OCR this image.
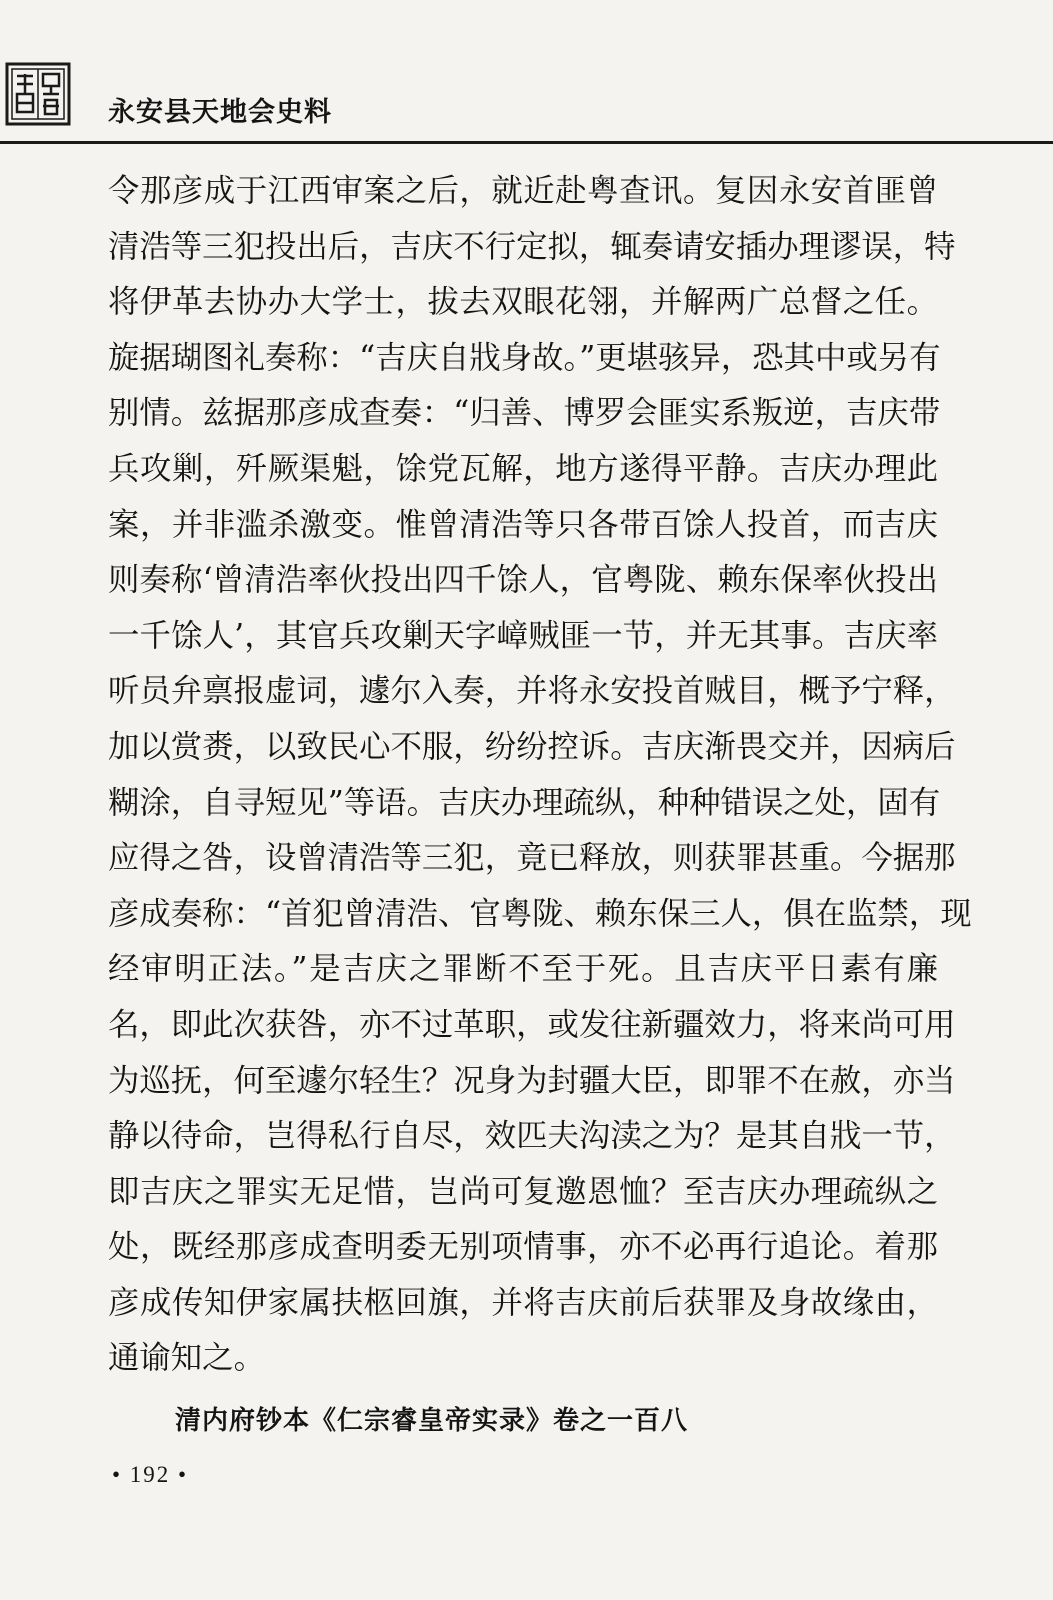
永安县天地会史料
令那彦成于江西审案之后，就近赴粤查讯。复因永安首匪曾
清浩等三犯投出后，吉庆不行定拟，辄奏请安插办理谬误，特
将伊革去协办大学士，拔去双眼花翎，并解两广总督之任。
旋据瑚图礼奏称：“吉庆自戕身故。”更堪骇异，恐其中或另有
别情。兹据那彦成查奏：“归善、博罗会匪实系叛逆，吉庆带
兵攻剿，歼厥渠魁，馀党瓦解，地方遂得平静。吉庆办理此
案，并非滥杀激变。惟曾清浩等只各带百馀人投首，而吉庆
则奏称‘曾清浩率伙投出四千馀人，官粤陇、赖东保率伙投出
一千馀人’，其官兵攻剿天字嶂贼匪一节，并无其事。吉庆率
听员弁禀报虚词，遽尔入奏，并将永安投首贼目，概予宁释，
加以赏赉，以致民心不服，纷纷控诉。吉庆渐畏交并，因病后
糊涂，自寻短见”等语。吉庆办理疏纵，种种错误之处，固有
应得之咎，设曾清浩等三犯，竟已释放，则获罪甚重。今据那
彦成奏称：“首犯曾清浩、官粤陇、赖东保三人，俱在监禁，现
经审明正法。”是吉庆之罪断不至于死。且吉庆平日素有廉
名，即此次获咎，亦不过革职，或发往新疆效力，将来尚可用
为巡抚，何至遽尔轻生？况身为封疆大臣，即罪不在赦，亦当
静以待命，岂得私行自尽，效匹夫沟渎之为？是其自戕一节，
即吉庆之罪实无足惜，岂尚可复邀恩恤？至吉庆办理疏纵之
处，既经那彦成查明委无别项情事，亦不必再行追论。着那
彦成传知伊家属扶柩回旗，并将吉庆前后获罪及身故缘由，
通谕知之。
清内府钞本《仁宗睿皇帝实录》卷之一百八
• 192 •
